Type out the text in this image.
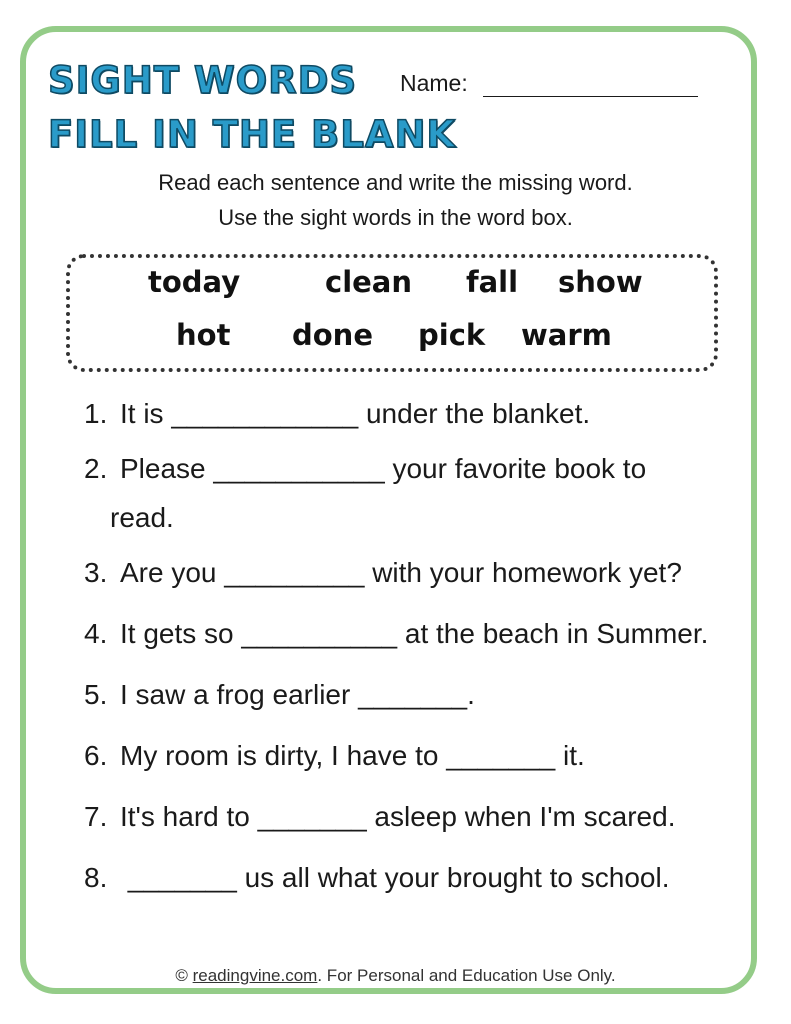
SIGHT WORDS
FILL IN THE BLANK
Name:
Read each sentence and write the missing word.
Use the sight words in the word box.
today	clean fall show
hot done pick warm
1. It is ____________ under the blanket.
2. Please ___________ your favorite book to
read.
3. Are you _________ with your homework yet?
4. It gets so __________ at the beach in Summer.
5. I saw a frog earlier _______.
6. My room is dirty, I have to _______ it.
7. It's hard to _______ asleep when I'm scared.
8. _______ us all what your brought to school.
© readingvine.com. For Personal and Education Use Only.
